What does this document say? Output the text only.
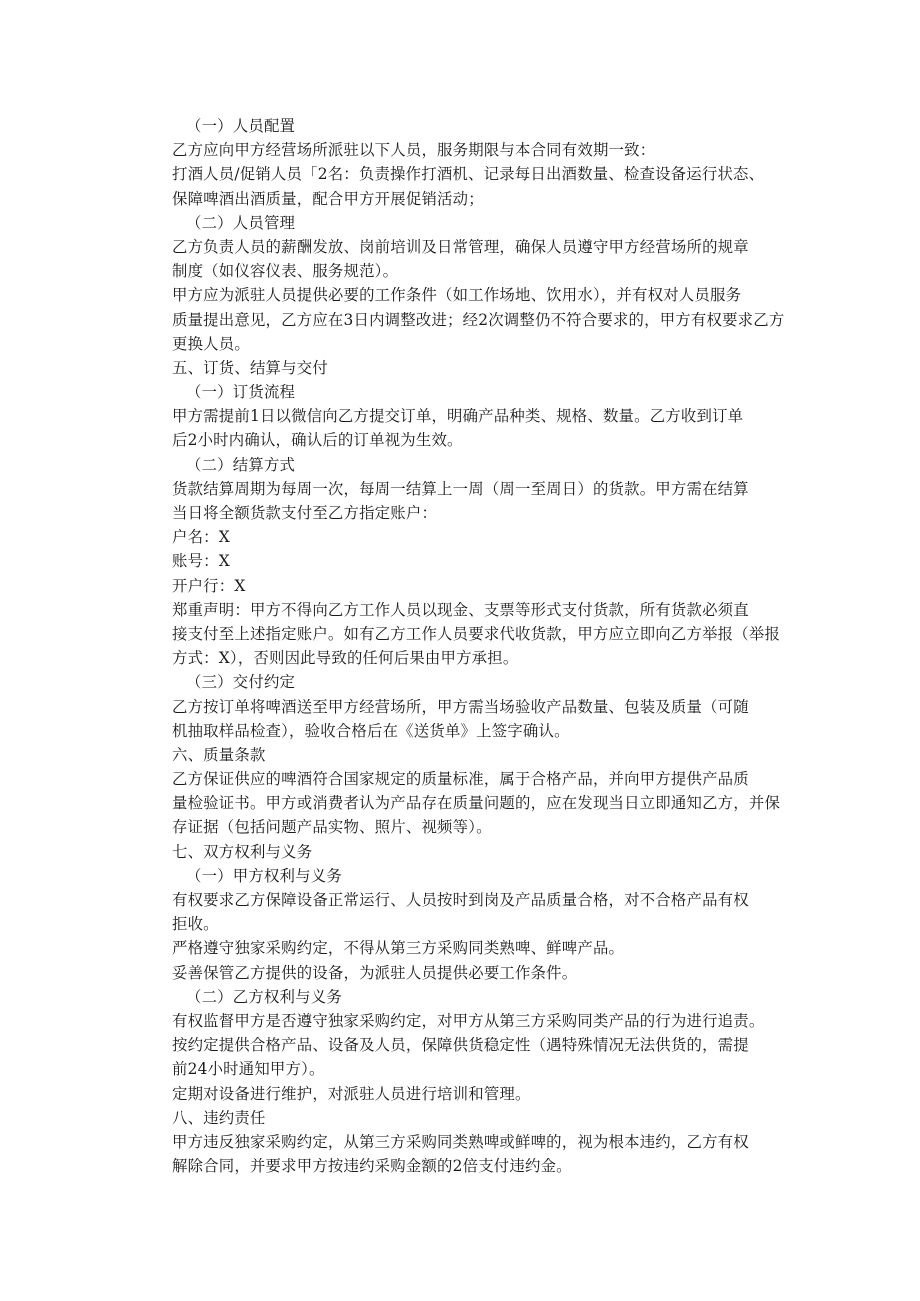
（一）人员配置
乙方应向甲方经营场所派驻以下人员，服务期限与本合同有效期一致：
打酒人员/促销人员「2名：负责操作打酒机、记录每日出酒数量、检查设备运行状态、
保障啤酒出酒质量，配合甲方开展促销活动；
（二）人员管理
乙方负责人员的薪酬发放、岗前培训及日常管理，确保人员遵守甲方经营场所的规章
制度（如仪容仪表、服务规范）。
甲方应为派驻人员提供必要的工作条件（如工作场地、饮用水），并有权对人员服务
质量提出意见，乙方应在3日内调整改进；经2次调整仍不符合要求的，甲方有权要求乙方
更换人员。
五、订货、结算与交付
（一）订货流程
甲方需提前1日以微信向乙方提交订单，明确产品种类、规格、数量。乙方收到订单
后2小时内确认，确认后的订单视为生效。
（二）结算方式
货款结算周期为每周一次，每周一结算上一周（周一至周日）的货款。甲方需在结算
当日将全额货款支付至乙方指定账户：
户名：X
账号：X
开户行：X
郑重声明：甲方不得向乙方工作人员以现金、支票等形式支付货款，所有货款必须直
接支付至上述指定账户。如有乙方工作人员要求代收货款，甲方应立即向乙方举报（举报
方式：X），否则因此导致的任何后果由甲方承担。
（三）交付约定
乙方按订单将啤酒送至甲方经营场所，甲方需当场验收产品数量、包装及质量（可随
机抽取样品检查），验收合格后在《送货单》上签字确认。
六、质量条款
乙方保证供应的啤酒符合国家规定的质量标准，属于合格产品，并向甲方提供产品质
量检验证书。甲方或消费者认为产品存在质量问题的，应在发现当日立即通知乙方，并保
存证据（包括问题产品实物、照片、视频等）。
七、双方权利与义务
（一）甲方权利与义务
有权要求乙方保障设备正常运行、人员按时到岗及产品质量合格，对不合格产品有权
拒收。
严格遵守独家采购约定，不得从第三方采购同类熟啤、鲜啤产品。
妥善保管乙方提供的设备，为派驻人员提供必要工作条件。
（二）乙方权利与义务
有权监督甲方是否遵守独家采购约定，对甲方从第三方采购同类产品的行为进行追责。
按约定提供合格产品、设备及人员，保障供货稳定性（遇特殊情况无法供货的，需提
前24小时通知甲方）。
定期对设备进行维护，对派驻人员进行培训和管理。
八、违约责任
甲方违反独家采购约定，从第三方采购同类熟啤或鲜啤的，视为根本违约，乙方有权
解除合同，并要求甲方按违约采购金额的2倍支付违约金。
